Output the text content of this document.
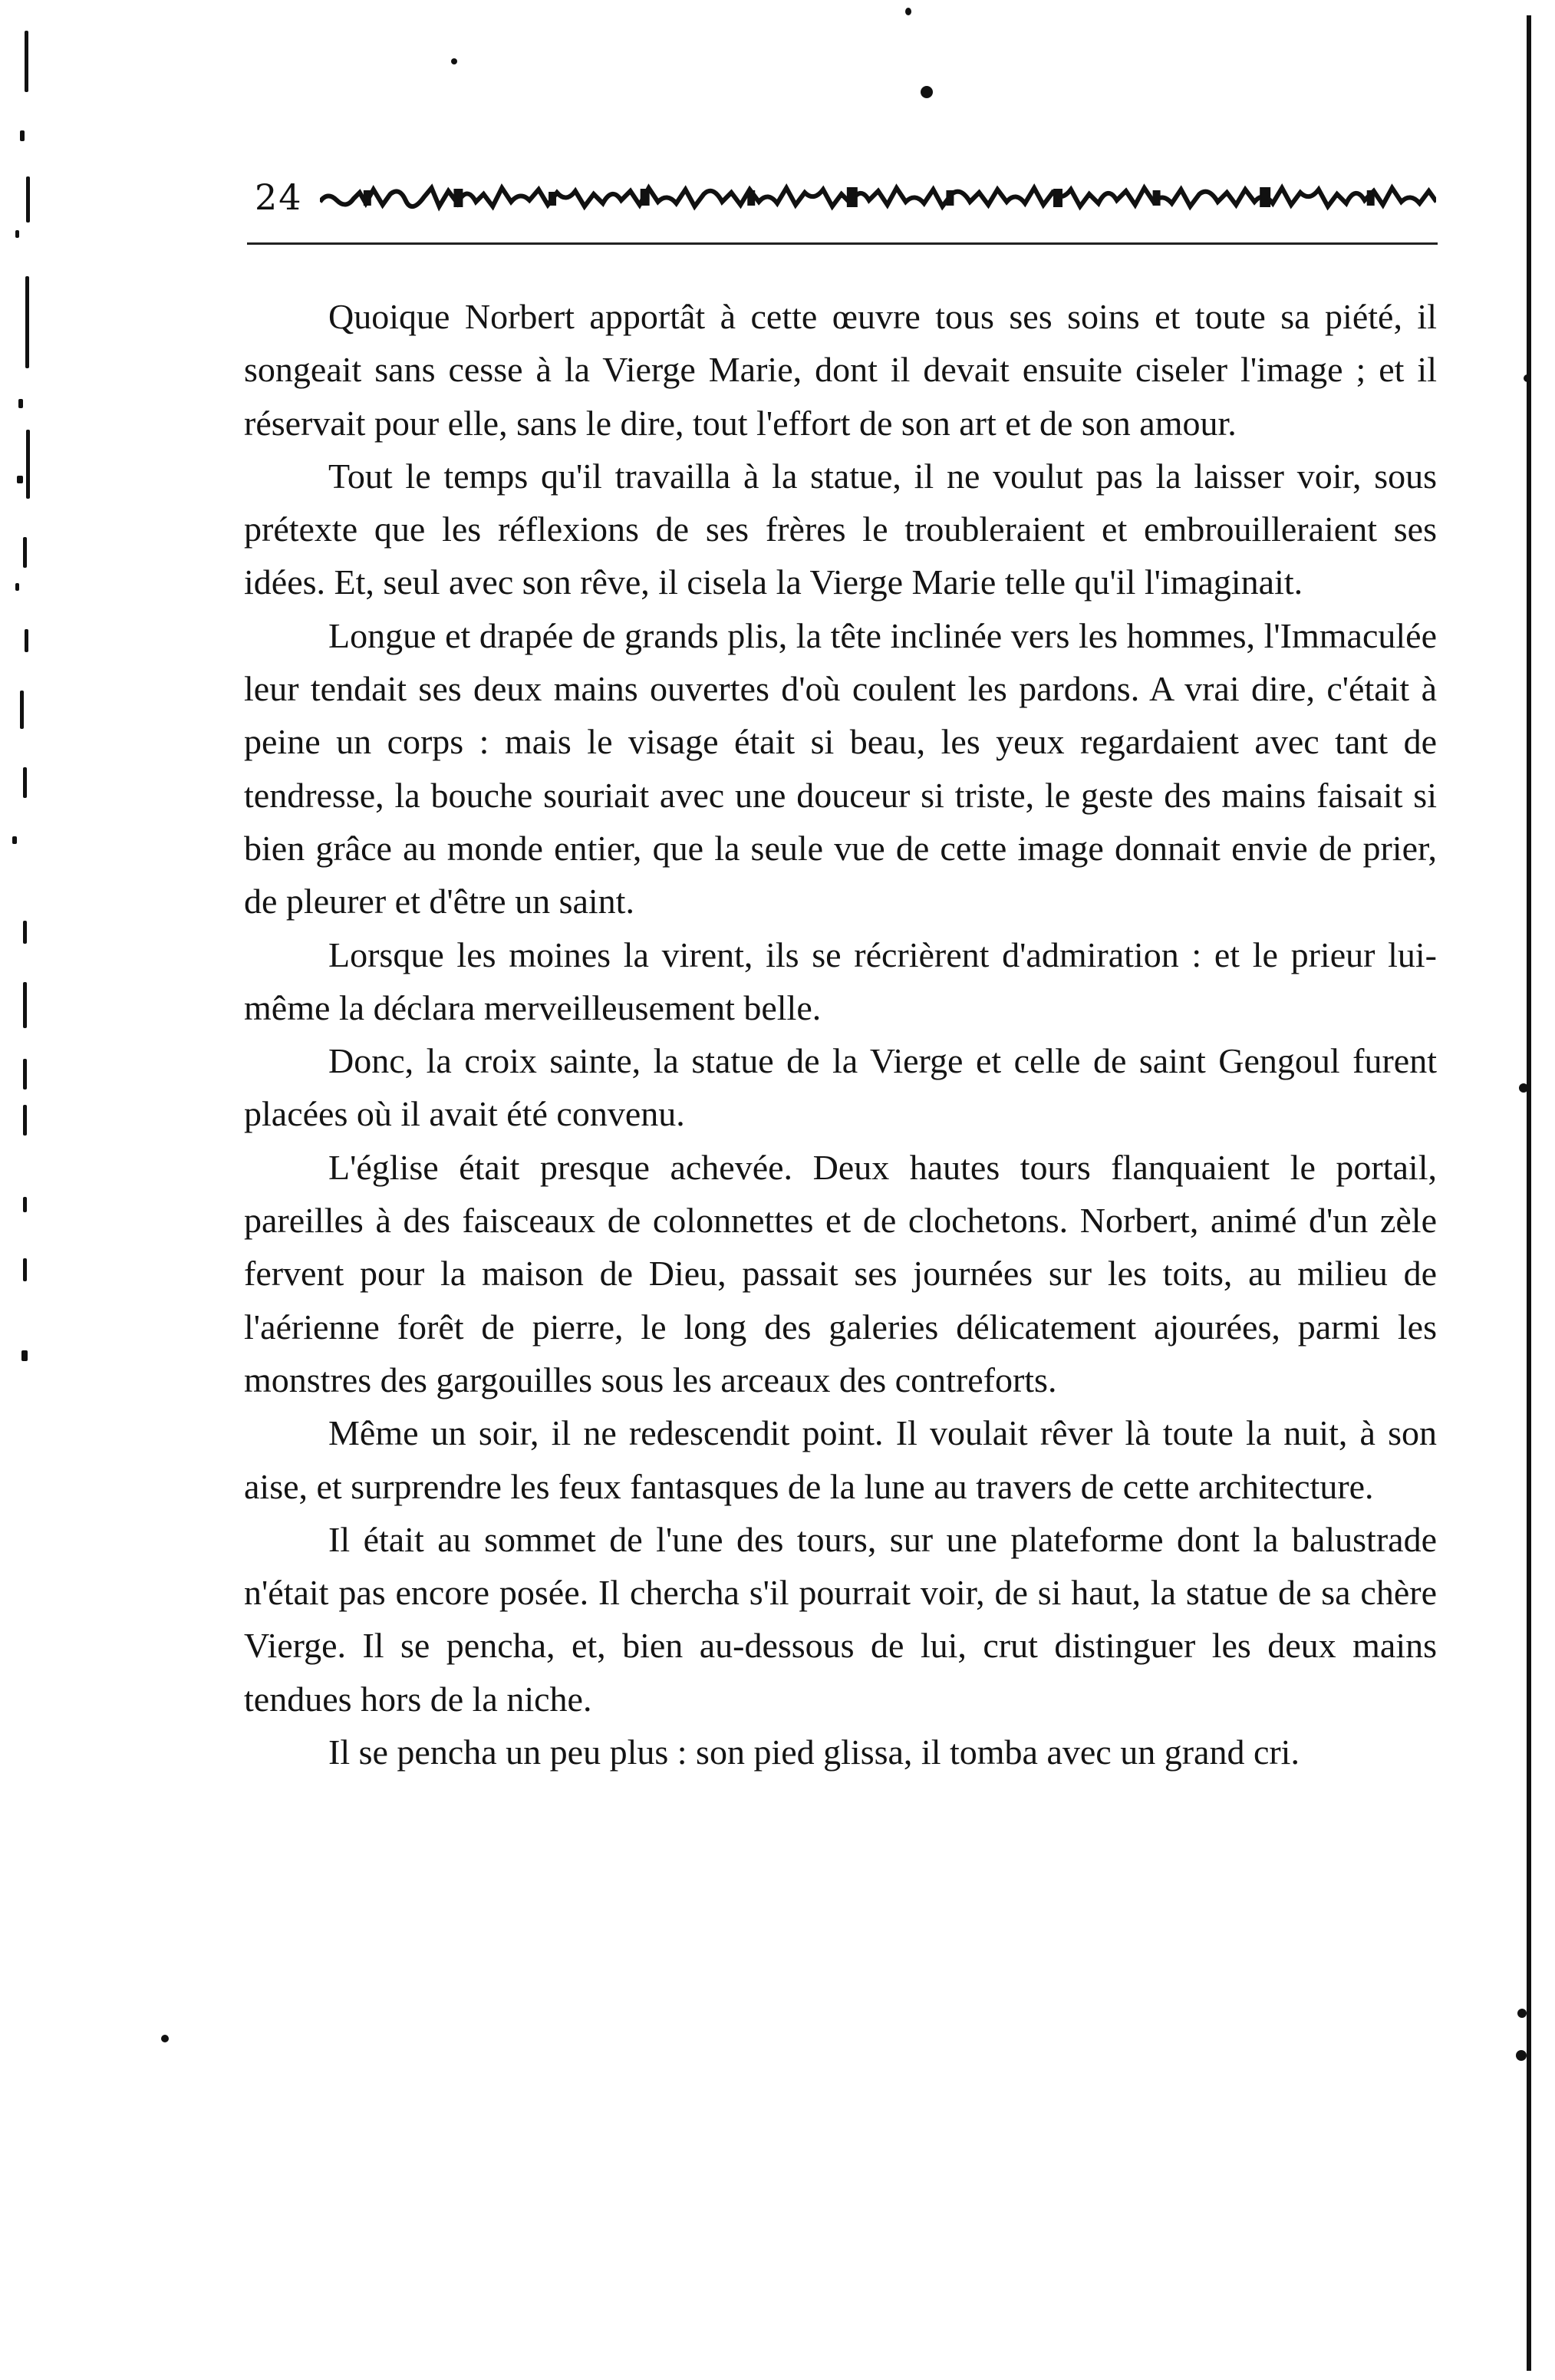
24

Quoique Norbert apportât à cette œuvre tous ses soins et toute sa piété, il songeait sans cesse à la Vierge Marie, dont il devait ensuite ciseler l'image ; et il réservait pour elle, sans le dire, tout l'effort de son art et de son amour.

Tout le temps qu'il travailla à la statue, il ne voulut pas la laisser voir, sous prétexte que les réflexions de ses frères le troubleraient et embrouilleraient ses idées. Et, seul avec son rêve, il cisela la Vierge Marie telle qu'il l'imaginait.

Longue et drapée de grands plis, la tête inclinée vers les hommes, l'Immaculée leur tendait ses deux mains ouvertes d'où coulent les pardons. A vrai dire, c'était à peine un corps : mais le visage était si beau, les yeux regardaient avec tant de tendresse, la bouche souriait avec une douceur si triste, le geste des mains faisait si bien grâce au monde entier, que la seule vue de cette image donnait envie de prier, de pleurer et d'être un saint.

Lorsque les moines la virent, ils se récrièrent d'admiration : et le prieur lui-même la déclara merveilleusement belle.

Donc, la croix sainte, la statue de la Vierge et celle de saint Gengoul furent placées où il avait été convenu.

L'église était presque achevée. Deux hautes tours flanquaient le portail, pareilles à des faisceaux de colonnettes et de clochetons. Norbert, animé d'un zèle fervent pour la maison de Dieu, passait ses journées sur les toits, au milieu de l'aérienne forêt de pierre, le long des galeries délicatement ajourées, parmi les monstres des gargouilles sous les arceaux des contreforts.

Même un soir, il ne redescendit point. Il voulait rêver là toute la nuit, à son aise, et surprendre les feux fantasques de la lune au travers de cette architecture.

Il était au sommet de l'une des tours, sur une plateforme dont la balustrade n'était pas encore posée. Il chercha s'il pourrait voir, de si haut, la statue de sa chère Vierge. Il se pencha, et, bien au-dessous de lui, crut distinguer les deux mains tendues hors de la niche.

Il se pencha un peu plus : son pied glissa, il tomba avec un grand cri.
